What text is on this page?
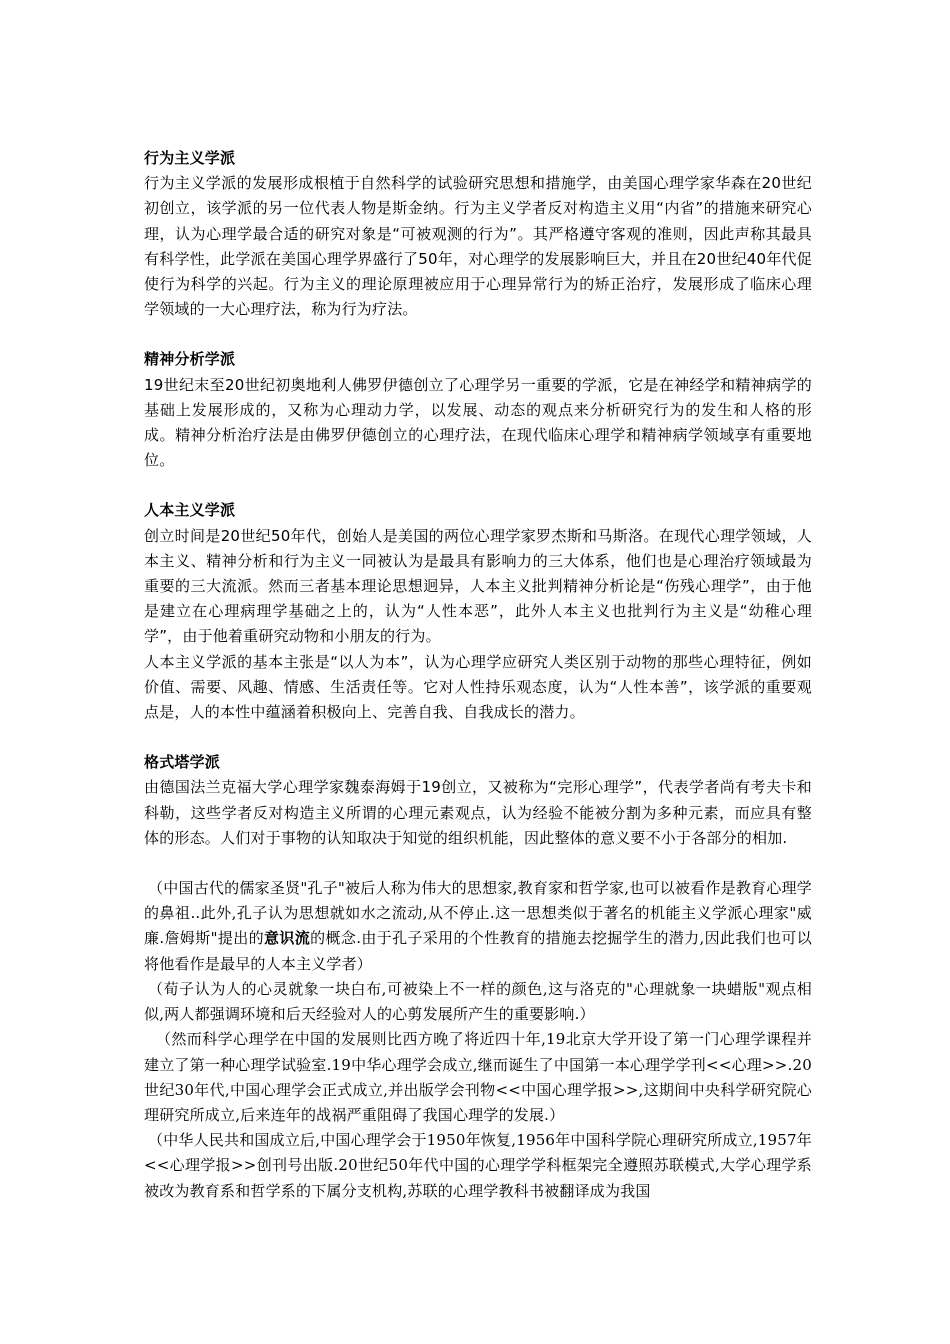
行为主义学派

行为主义学派的发展形成根植于自然科学的试验研究思想和措施学，由美国心理学家华森在20世纪初创立，该学派的另一位代表人物是斯金纳。行为主义学者反对构造主义用“内省”的措施来研究心理，认为心理学最合适的研究对象是“可被观测的行为”。其严格遵守客观的准则，因此声称其最具有科学性，此学派在美国心理学界盛行了50年，对心理学的发展影响巨大，并且在20世纪40年代促使行为科学的兴起。行为主义的理论原理被应用于心理异常行为的矫正治疗，发展形成了临床心理学领域的一大心理疗法，称为行为疗法。

精神分析学派

19世纪末至20世纪初奥地利人佛罗伊德创立了心理学另一重要的学派，它是在神经学和精神病学的基础上发展形成的，又称为心理动力学，以发展、动态的观点来分析研究行为的发生和人格的形成。精神分析治疗法是由佛罗伊德创立的心理疗法，在现代临床心理学和精神病学领域享有重要地位。

人本主义学派

创立时间是20世纪50年代，创始人是美国的两位心理学家罗杰斯和马斯洛。在现代心理学领域，人本主义、精神分析和行为主义一同被认为是最具有影响力的三大体系，他们也是心理治疗领域最为重要的三大流派。然而三者基本理论思想迥异，人本主义批判精神分析论是“伤残心理学”，由于他是建立在心理病理学基础之上的，认为“人性本恶”，此外人本主义也批判行为主义是“幼稚心理学”，由于他着重研究动物和小朋友的行为。

人本主义学派的基本主张是“以人为本”，认为心理学应研究人类区别于动物的那些心理特征，例如价值、需要、风趣、情感、生活责任等。它对人性持乐观态度，认为“人性本善”，该学派的重要观点是，人的本性中蕴涵着积极向上、完善自我、自我成长的潜力。

格式塔学派

由德国法兰克福大学心理学家魏泰海姆于19创立，又被称为“完形心理学”，代表学者尚有考夫卡和科勒，这些学者反对构造主义所谓的心理元素观点，认为经验不能被分割为多种元素，而应具有整体的形态。人们对于事物的认知取决于知觉的组织机能，因此整体的意义要不小于各部分的相加.

（中国古代的儒家圣贤"孔子"被后人称为伟大的思想家,教育家和哲学家,也可以被看作是教育心理学的鼻祖..此外,孔子认为思想就如水之流动,从不停止.这一思想类似于著名的机能主义学派心理家"威廉.詹姆斯"提出的意识流的概念.由于孔子采用的个性教育的措施去挖掘学生的潜力,因此我们也可以将他看作是最早的人本主义学者）

（荀子认为人的心灵就象一块白布,可被染上不一样的颜色,这与洛克的"心理就象一块蜡版"观点相似,两人都强调环境和后天经验对人的心剪发展所产生的重要影响.）

（然而科学心理学在中国的发展则比西方晚了将近四十年,19北京大学开设了第一门心理学课程并建立了第一种心理学试验室.19中华心理学会成立,继而诞生了中国第一本心理学学刊<<心理>>.20世纪30年代,中国心理学会正式成立,并出版学会刊物<<中国心理学报>>,这期间中央科学研究院心理研究所成立,后来连年的战祸严重阻碍了我国心理学的发展.）

（中华人民共和国成立后,中国心理学会于1950年恢复,1956年中国科学院心理研究所成立,1957年<<心理学报>>创刊号出版.20世纪50年代中国的心理学学科框架完全遵照苏联模式,大学心理学系被改为教育系和哲学系的下属分支机构,苏联的心理学教科书被翻译成为我国
